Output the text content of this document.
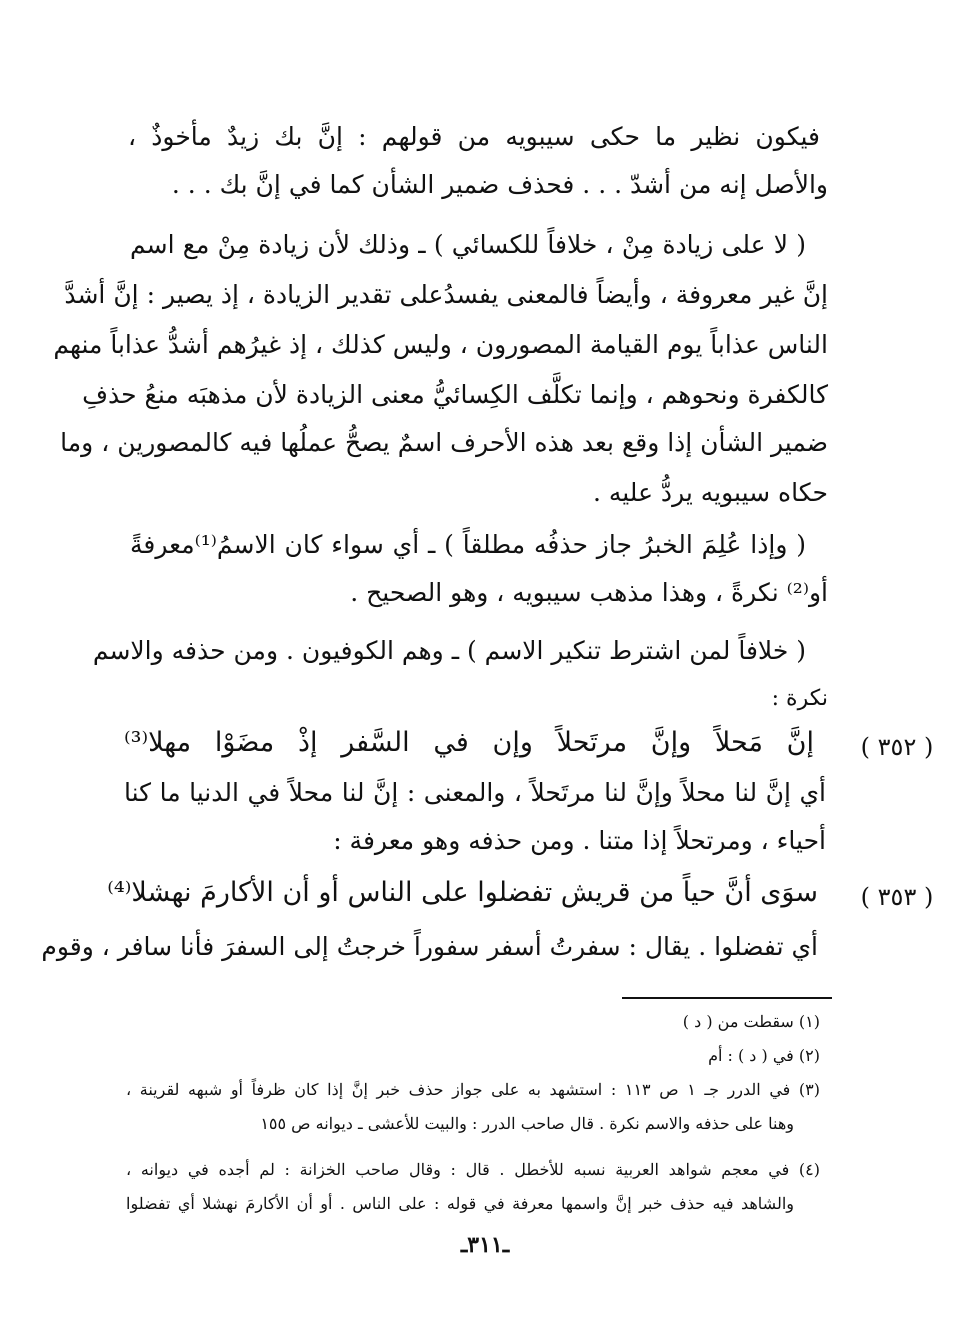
فيكون نظير ما حكى سيبويه من قولهم : إنَّ بك زيدٌ مأخوذٌ ،
والأصل إنه من أشدّ . . . فحذف ضمير الشأن كما في إنَّ بك . . .
( لا على زيادة مِنْ ، خلافاً للكسائي ) ـ وذلك لأن زيادة مِنْ مع اسم
إنَّ غير معروفة ، وأيضاً فالمعنى يفسدُعلى تقدير الزيادة ، إذ يصير : إنَّ أشدَّ
الناس عذاباً يوم القيامة المصورون ، وليس كذلك ، إذ غيرُهم أشدُّ عذاباً منهم
كالكفرة ونحوهم ، وإنما تكلَّف الكِسائيُّ معنى الزيادة لأن مذهبَه منعُ حذفِ
ضمير الشأن إذا وقع بعد هذه الأحرف اسمٌ يصحُّ عملُها فيه كالمصورين ، وما
حكاه سيبويه يردُّ عليه .
( وإذا عُلِمَ الخبرُ جاز حذفُه مطلقاً ) ـ أي سواء كان الاسمُ⁽¹⁾معرفةً
أو⁽²⁾ نكرةً ، وهذا مذهب سيبويه ، وهو الصحيح .
( خلافاً لمن اشترط تنكير الاسم ) ـ وهم الكوفيون . ومن حذفه والاسم
نكرة :
( ٣٥٢ )
إنَّ مَحلاً وإنَّ مرتَحلاً وإن في السَّفر إذْ مضَوْا مهلا⁽³⁾
أي إنَّ لنا محلاً وإنَّ لنا مرتَحلاً ، والمعنى : إنَّ لنا محلاً في الدنيا ما كنا
أحياء ، ومرتحلاً إذا متنا . ومن حذفه وهو معرفة :
( ٣٥٣ )
سوَى أنَّ حياً من قريش تفضلوا على الناس أو أن الأكارمَ نهشلا⁽⁴⁾
أي تفضلوا . يقال : سفرتُ أسفر سفوراً خرجتُ إلى السفرَ فأنا سافر ، وقوم
(١) سقطت من ( د )
(٢) في ( د ) : أم
(٣) في الدرر جـ ١ ص ١١٣ : استشهد به على جواز حذف خبر إنَّ إذا كان ظرفاً أو شبهه لقرينة ،
وهنا على حذفه والاسم نكرة . قال صاحب الدرر : والبيت للأعشى ـ ديوانه ص ١٥٥
(٤) في معجم شواهد العربية نسبه للأخطل . قال : وقال صاحب الخزانة : لم أجده في ديوانه ،
والشاهد فيه حذف خبر إنَّ واسمها معرفة في قوله : على الناس . أو أن الأكارمَ نهشلا أي تفضلوا
ـ٣١١ـ
